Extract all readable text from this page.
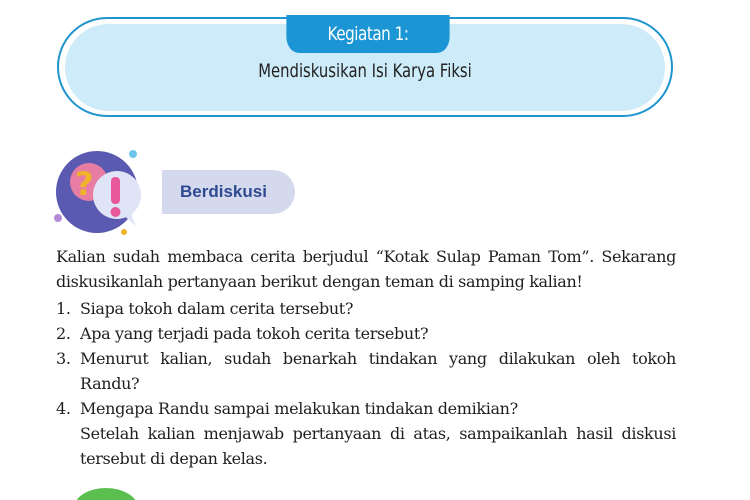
Kegiatan 1:
Mendiskusikan Isi Karya Fiksi
?	Berdiskusi

Kalian sudah membaca cerita berjudul “Kotak Sulap Paman Tom”. Sekarang diskusikanlah pertanyaan berikut dengan teman di samping kalian!

1. Siapa tokoh dalam cerita tersebut?
2. Apa yang terjadi pada tokoh cerita tersebut?
3. Menurut kalian, sudah benarkah tindakan yang dilakukan oleh tokoh Randu?
4. Mengapa Randu sampai melakukan tindakan demikian?

Setelah kalian menjawab pertanyaan di atas, sampaikanlah hasil diskusi tersebut di depan kelas.
